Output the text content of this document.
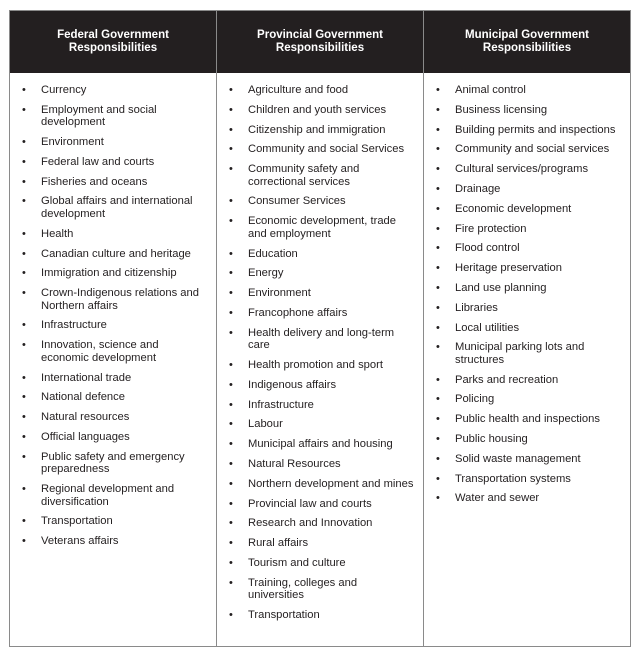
Federal Government Responsibilities
• Currency
• Employment and social development
• Environment
• Federal law and courts
• Fisheries and oceans
• Global affairs and international development
• Health
• Canadian culture and heritage
• Immigration and citizenship
• Crown-Indigenous relations and Northern affairs
• Infrastructure
• Innovation, science and economic development
• International trade
• National defence
• Natural resources
• Official languages
• Public safety and emergency preparedness
• Regional development and diversification
• Transportation
• Veterans affairs
Provincial Government Responsibilities
• Agriculture and food
• Children and youth services
• Citizenship and immigration
• Community and social Services
• Community safety and correctional services
• Consumer Services
• Economic development, trade and employment
• Education
• Energy
• Environment
• Francophone affairs
• Health delivery and long-term care
• Health promotion and sport
• Indigenous affairs
• Infrastructure
• Labour
• Municipal affairs and housing
• Natural Resources
• Northern development and mines
• Provincial law and courts
• Research and Innovation
• Rural affairs
• Tourism and culture
• Training, colleges and universities
• Transportation
Municipal Government Responsibilities
• Animal control
• Business licensing
• Building permits and inspections
• Community and social services
• Cultural services/programs
• Drainage
• Economic development
• Fire protection
• Flood control
• Heritage preservation
• Land use planning
• Libraries
• Local utilities
• Municipal parking lots and structures
• Parks and recreation
• Policing
• Public health and inspections
• Public housing
• Solid waste management
• Transportation systems
• Water and sewer
